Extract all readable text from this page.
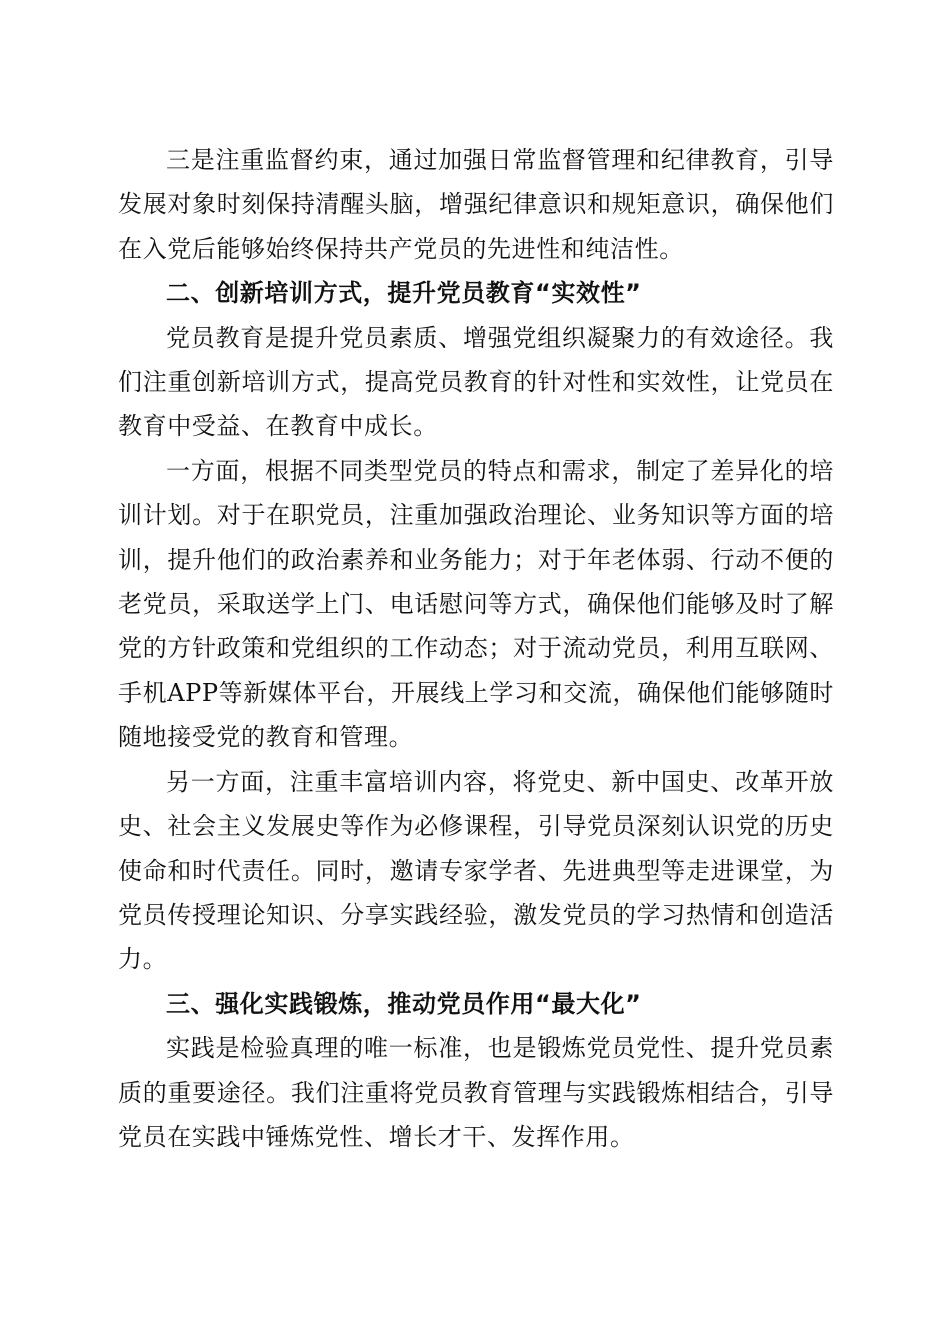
三是注重监督约束，通过加强日常监督管理和纪律教育，引导发展对象时刻保持清醒头脑，增强纪律意识和规矩意识，确保他们在入党后能够始终保持共产党员的先进性和纯洁性。

二、创新培训方式，提升党员教育“实效性”

党员教育是提升党员素质、增强党组织凝聚力的有效途径。我们注重创新培训方式，提高党员教育的针对性和实效性，让党员在教育中受益、在教育中成长。

一方面，根据不同类型党员的特点和需求，制定了差异化的培训计划。对于在职党员，注重加强政治理论、业务知识等方面的培训，提升他们的政治素养和业务能力；对于年老体弱、行动不便的老党员，采取送学上门、电话慰问等方式，确保他们能够及时了解党的方针政策和党组织的工作动态；对于流动党员，利用互联网、手机APP等新媒体平台，开展线上学习和交流，确保他们能够随时随地接受党的教育和管理。

另一方面，注重丰富培训内容，将党史、新中国史、改革开放史、社会主义发展史等作为必修课程，引导党员深刻认识党的历史使命和时代责任。同时，邀请专家学者、先进典型等走进课堂，为党员传授理论知识、分享实践经验，激发党员的学习热情和创造活力。

三、强化实践锻炼，推动党员作用“最大化”

实践是检验真理的唯一标准，也是锻炼党员党性、提升党员素质的重要途径。我们注重将党员教育管理与实践锻炼相结合，引导党员在实践中锤炼党性、增长才干、发挥作用。
